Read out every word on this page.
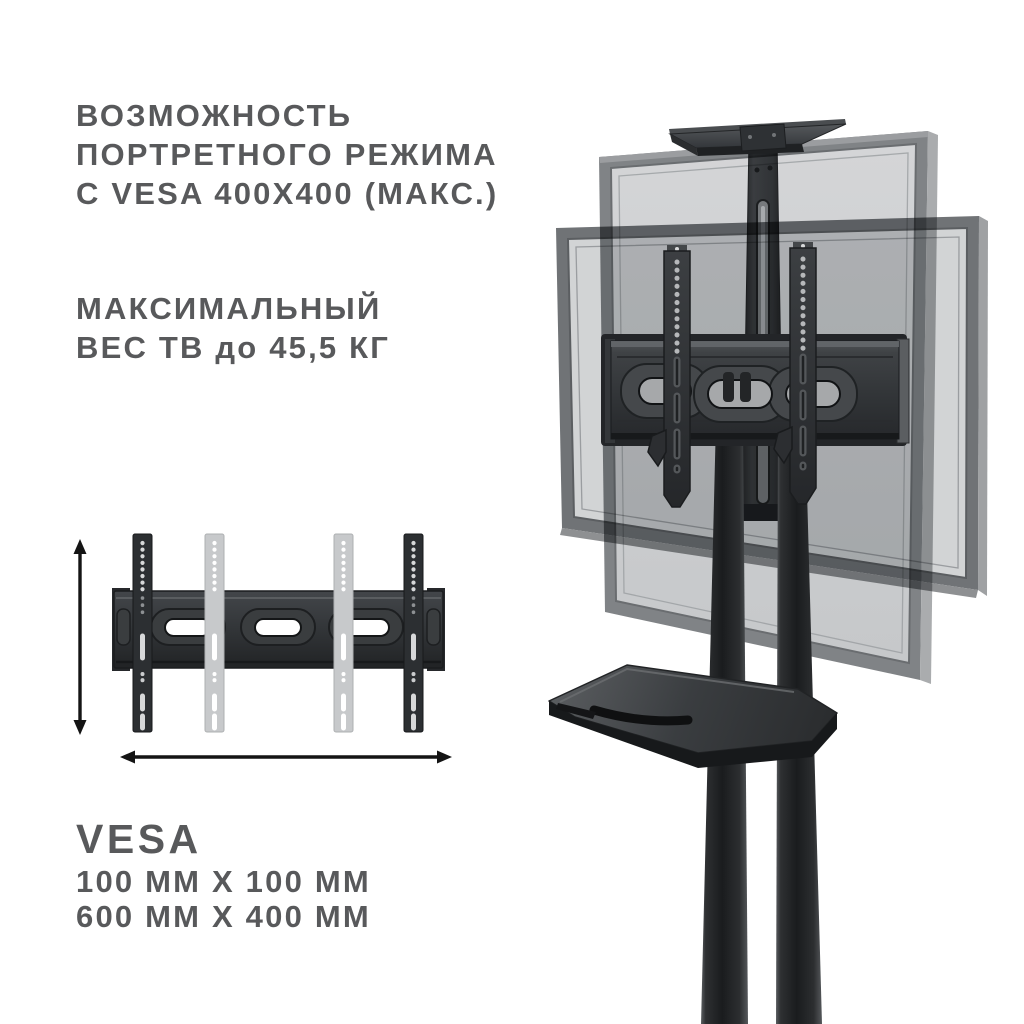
ВОЗМОЖНОСТЬ
ПОРТРЕТНОГО РЕЖИМА
С VESA 400X400 (МАКС.)
МАКСИМАЛЬНЫЙ
ВЕС ТВ до 45,5 КГ
VESA
100 ММ X 100 ММ
600 ММ X 400 ММ
